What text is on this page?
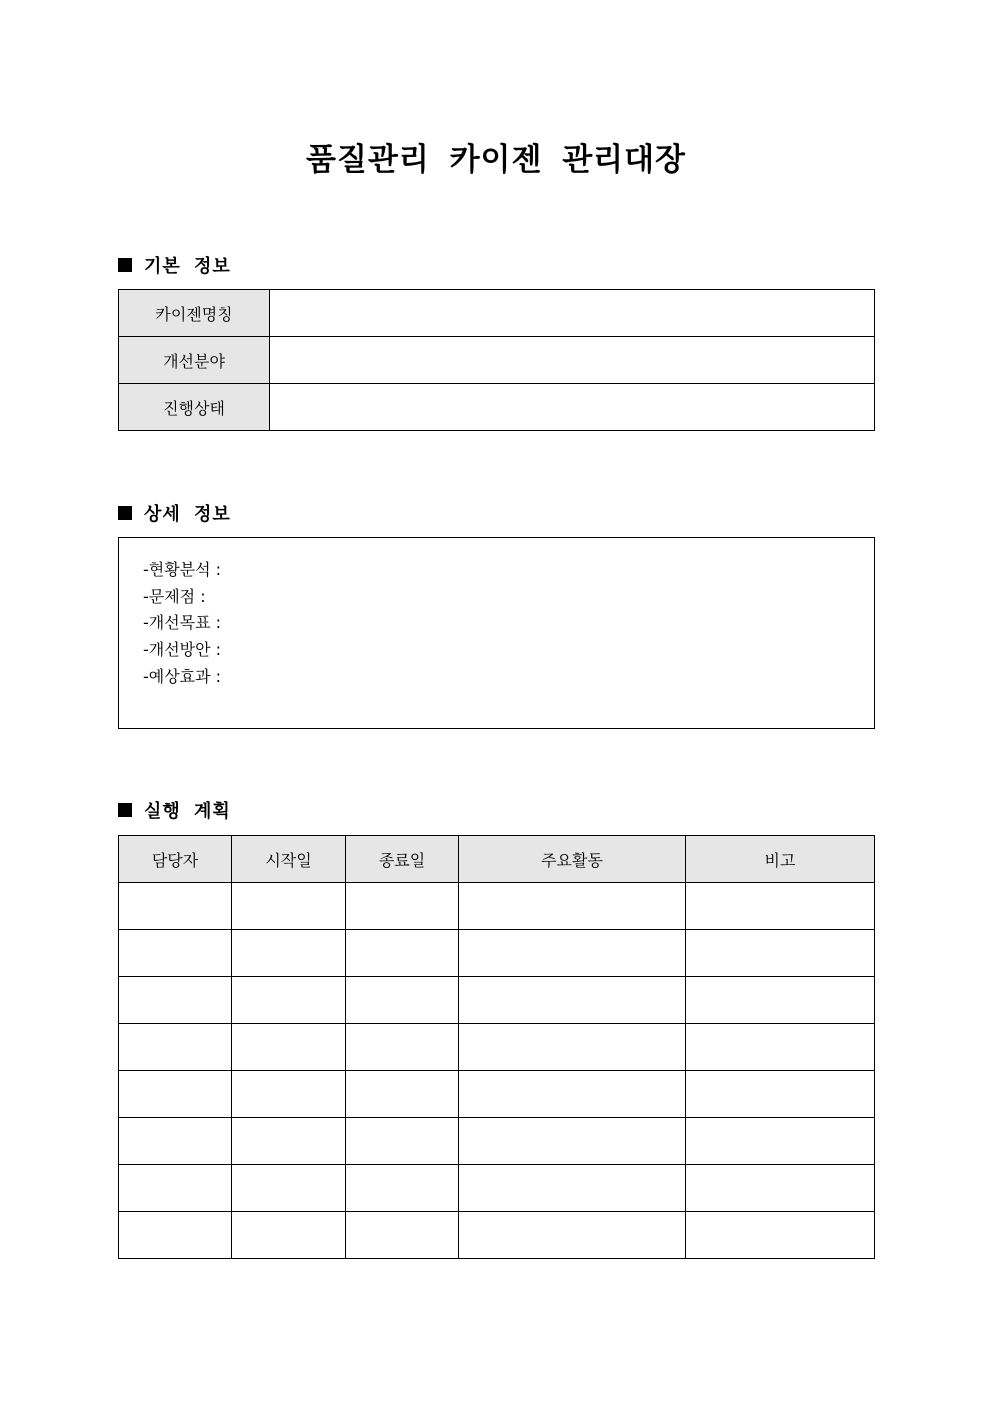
품질관리 카이젠 관리대장
기본 정보
카이젠명칭	
개선분야	
진행상태	
상세 정보
-현황분석 :
-문제점 :
-개선목표 :
-개선방안 :
-예상효과 :
실행 계획
담당자	시작일	종료일	주요활동	비고
